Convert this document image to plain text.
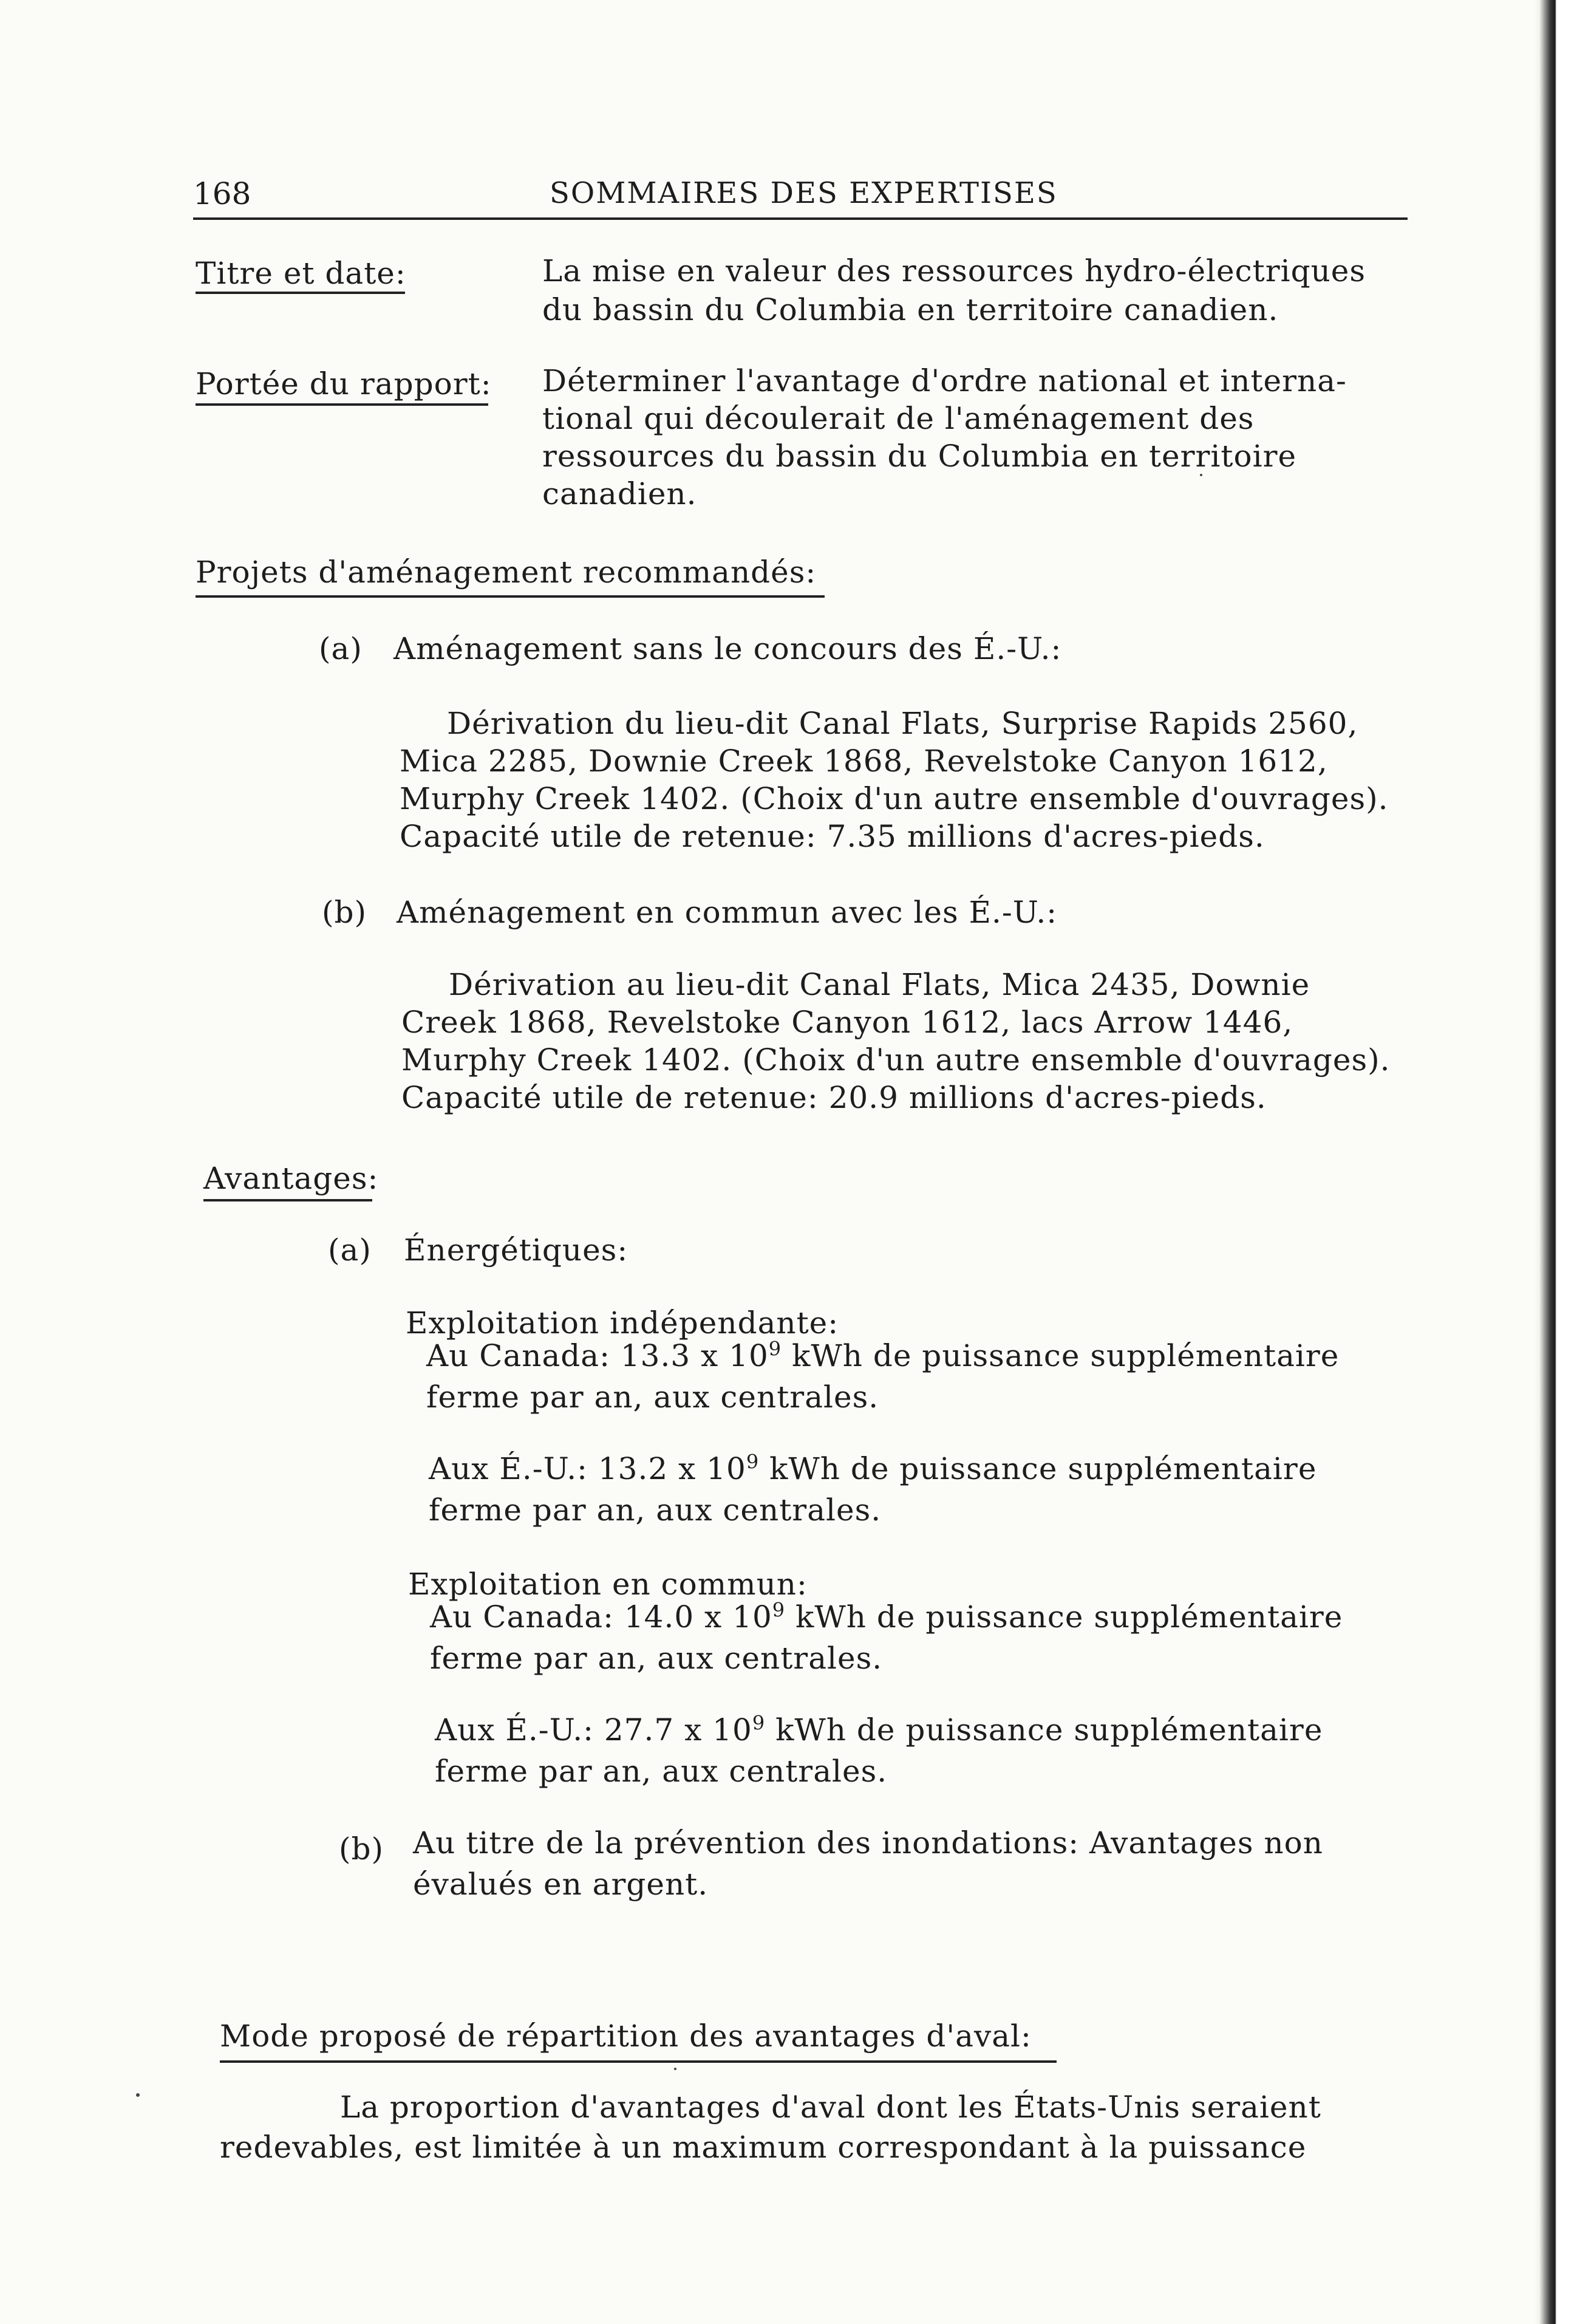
168	SOMMAIRES DES EXPERTISES
Titre et date:	La mise en valeur des ressources hydro-électriques
du bassin du Columbia en territoire canadien.
Portée du rapport: Déterminer l'avantage d'ordre national et interna-
tional qui découlerait de l'aménagement des
ressources du bassin du Columbia en territoire
canadien.
Projets d'aménagement recommandés:
(a) Aménagement sans le concours des É.-U.:
Dérivation du lieu-dit Canal Flats, Surprise Rapids 2560,
Mica 2285, Downie Creek 1868, Revelstoke Canyon 1612,
Murphy Creek 1402. (Choix d'un autre ensemble d'ouvrages).
Capacité utile de retenue: 7.35 millions d'acres-pieds.
(b) Aménagement en commun avec les É.-U.:
Dérivation au lieu-dit Canal Flats, Mica 2435, Downie
Creek 1868, Revelstoke Canyon 1612, lacs Arrow 1446,
Murphy Creek 1402. (Choix d'un autre ensemble d'ouvrages).
Capacité utile de retenue: 20.9 millions d'acres-pieds.
Avantages:
(a) Énergétiques:
Exploitation indépendante:
Au Canada: 13.3 x $10^9$ kWh de puissance supplémentaire
ferme par an, aux centrales.
Aux É.-U.: 13.2 x $10^9$ kWh de puissance supplémentaire
ferme par an, aux centrales.
Exploitation en commun:
Au Canada: 14.0 x $10^9$ kWh de puissance supplémentaire
ferme par an, aux centrales.
Aux É.-U.: 27.7 x $10^9$ kWh de puissance supplémentaire
ferme par an, aux centrales.
(b) Au titre de la prévention des inondations: Avantages non
évalués en argent.
Mode proposé de répartition des avantages d'aval:
La proportion d'avantages d'aval dont les États-Unis seraient
redevables, est limitée à un maximum correspondant à la puissance
